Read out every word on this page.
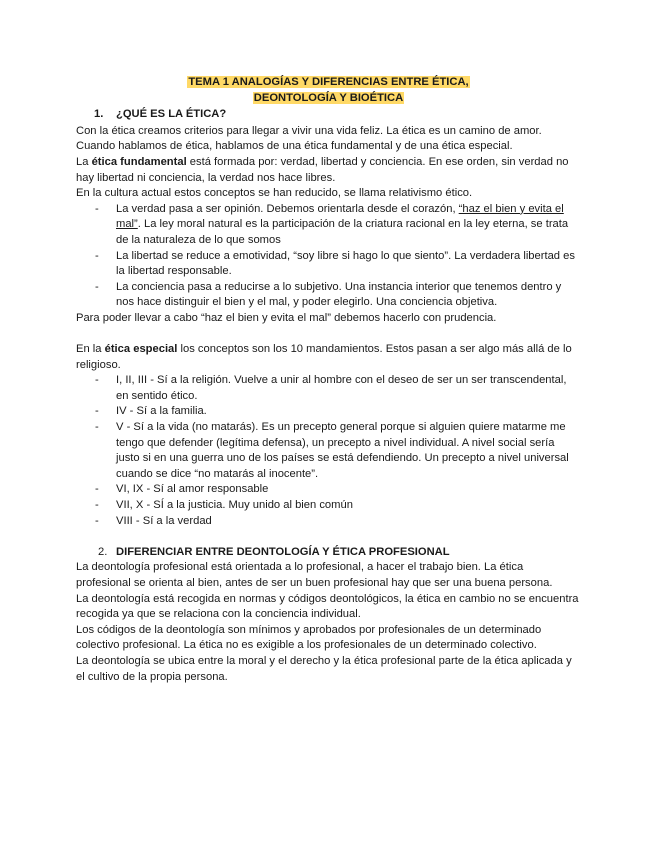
TEMA 1 ANALOGÍAS Y DIFERENCIAS ENTRE ÉTICA,
DEONTOLOGÍA Y BIOÉTICA
1. ¿QUÉ ES LA ÉTICA?

Con la ética creamos criterios para llegar a vivir una vida feliz. La ética es un camino de amor. Cuando hablamos de ética, hablamos de una ética fundamental y de una ética especial.

La ética fundamental está formada por: verdad, libertad y conciencia. En ese orden, sin verdad no hay libertad ni conciencia, la verdad nos hace libres.

En la cultura actual estos conceptos se han reducido, se llama relativismo ético.

- La verdad pasa a ser opinión. Debemos orientarla desde el corazón, “haz el bien y evita el mal”. La ley moral natural es la participación de la criatura racional en la ley eterna, se trata de la naturaleza de lo que somos
- La libertad se reduce a emotividad, “soy libre si hago lo que siento”. La verdadera libertad es la libertad responsable.
- La conciencia pasa a reducirse a lo subjetivo. Una instancia interior que tenemos dentro y nos hace distinguir el bien y el mal, y poder elegirlo. Una conciencia objetiva.

Para poder llevar a cabo “haz el bien y evita el mal” debemos hacerlo con prudencia.

En la ética especial los conceptos son los 10 mandamientos. Estos pasan a ser algo más allá de lo religioso.

- I, II, III - Sí a la religión. Vuelve a unir al hombre con el deseo de ser un ser transcendental, en sentido ético.
- IV - Sí a la familia.
- V - Sí a la vida (no matarás). Es un precepto general porque si alguien quiere matarme me tengo que defender (legítima defensa), un precepto a nivel individual. A nivel social sería justo si en una guerra uno de los países se está defendiendo. Un precepto a nivel universal cuando se dice “no matarás al inocente”.
- VI, IX - Sí al amor responsable
- VII, X - SÍ a la justicia. Muy unido al bien común
- VIII - Sí a la verdad
2. DIFERENCIAR ENTRE DEONTOLOGÍA Y ÉTICA PROFESIONAL

La deontología profesional está orientada a lo profesional, a hacer el trabajo bien. La ética profesional se orienta al bien, antes de ser un buen profesional hay que ser una buena persona.

La deontología está recogida en normas y códigos deontológicos, la ética en cambio no se encuentra recogida ya que se relaciona con la conciencia individual.

Los códigos de la deontología son mínimos y aprobados por profesionales de un determinado colectivo profesional. La ética no es exigible a los profesionales de un determinado colectivo.

La deontología se ubica entre la moral y el derecho y la ética profesional parte de la ética aplicada y el cultivo de la propia persona.
